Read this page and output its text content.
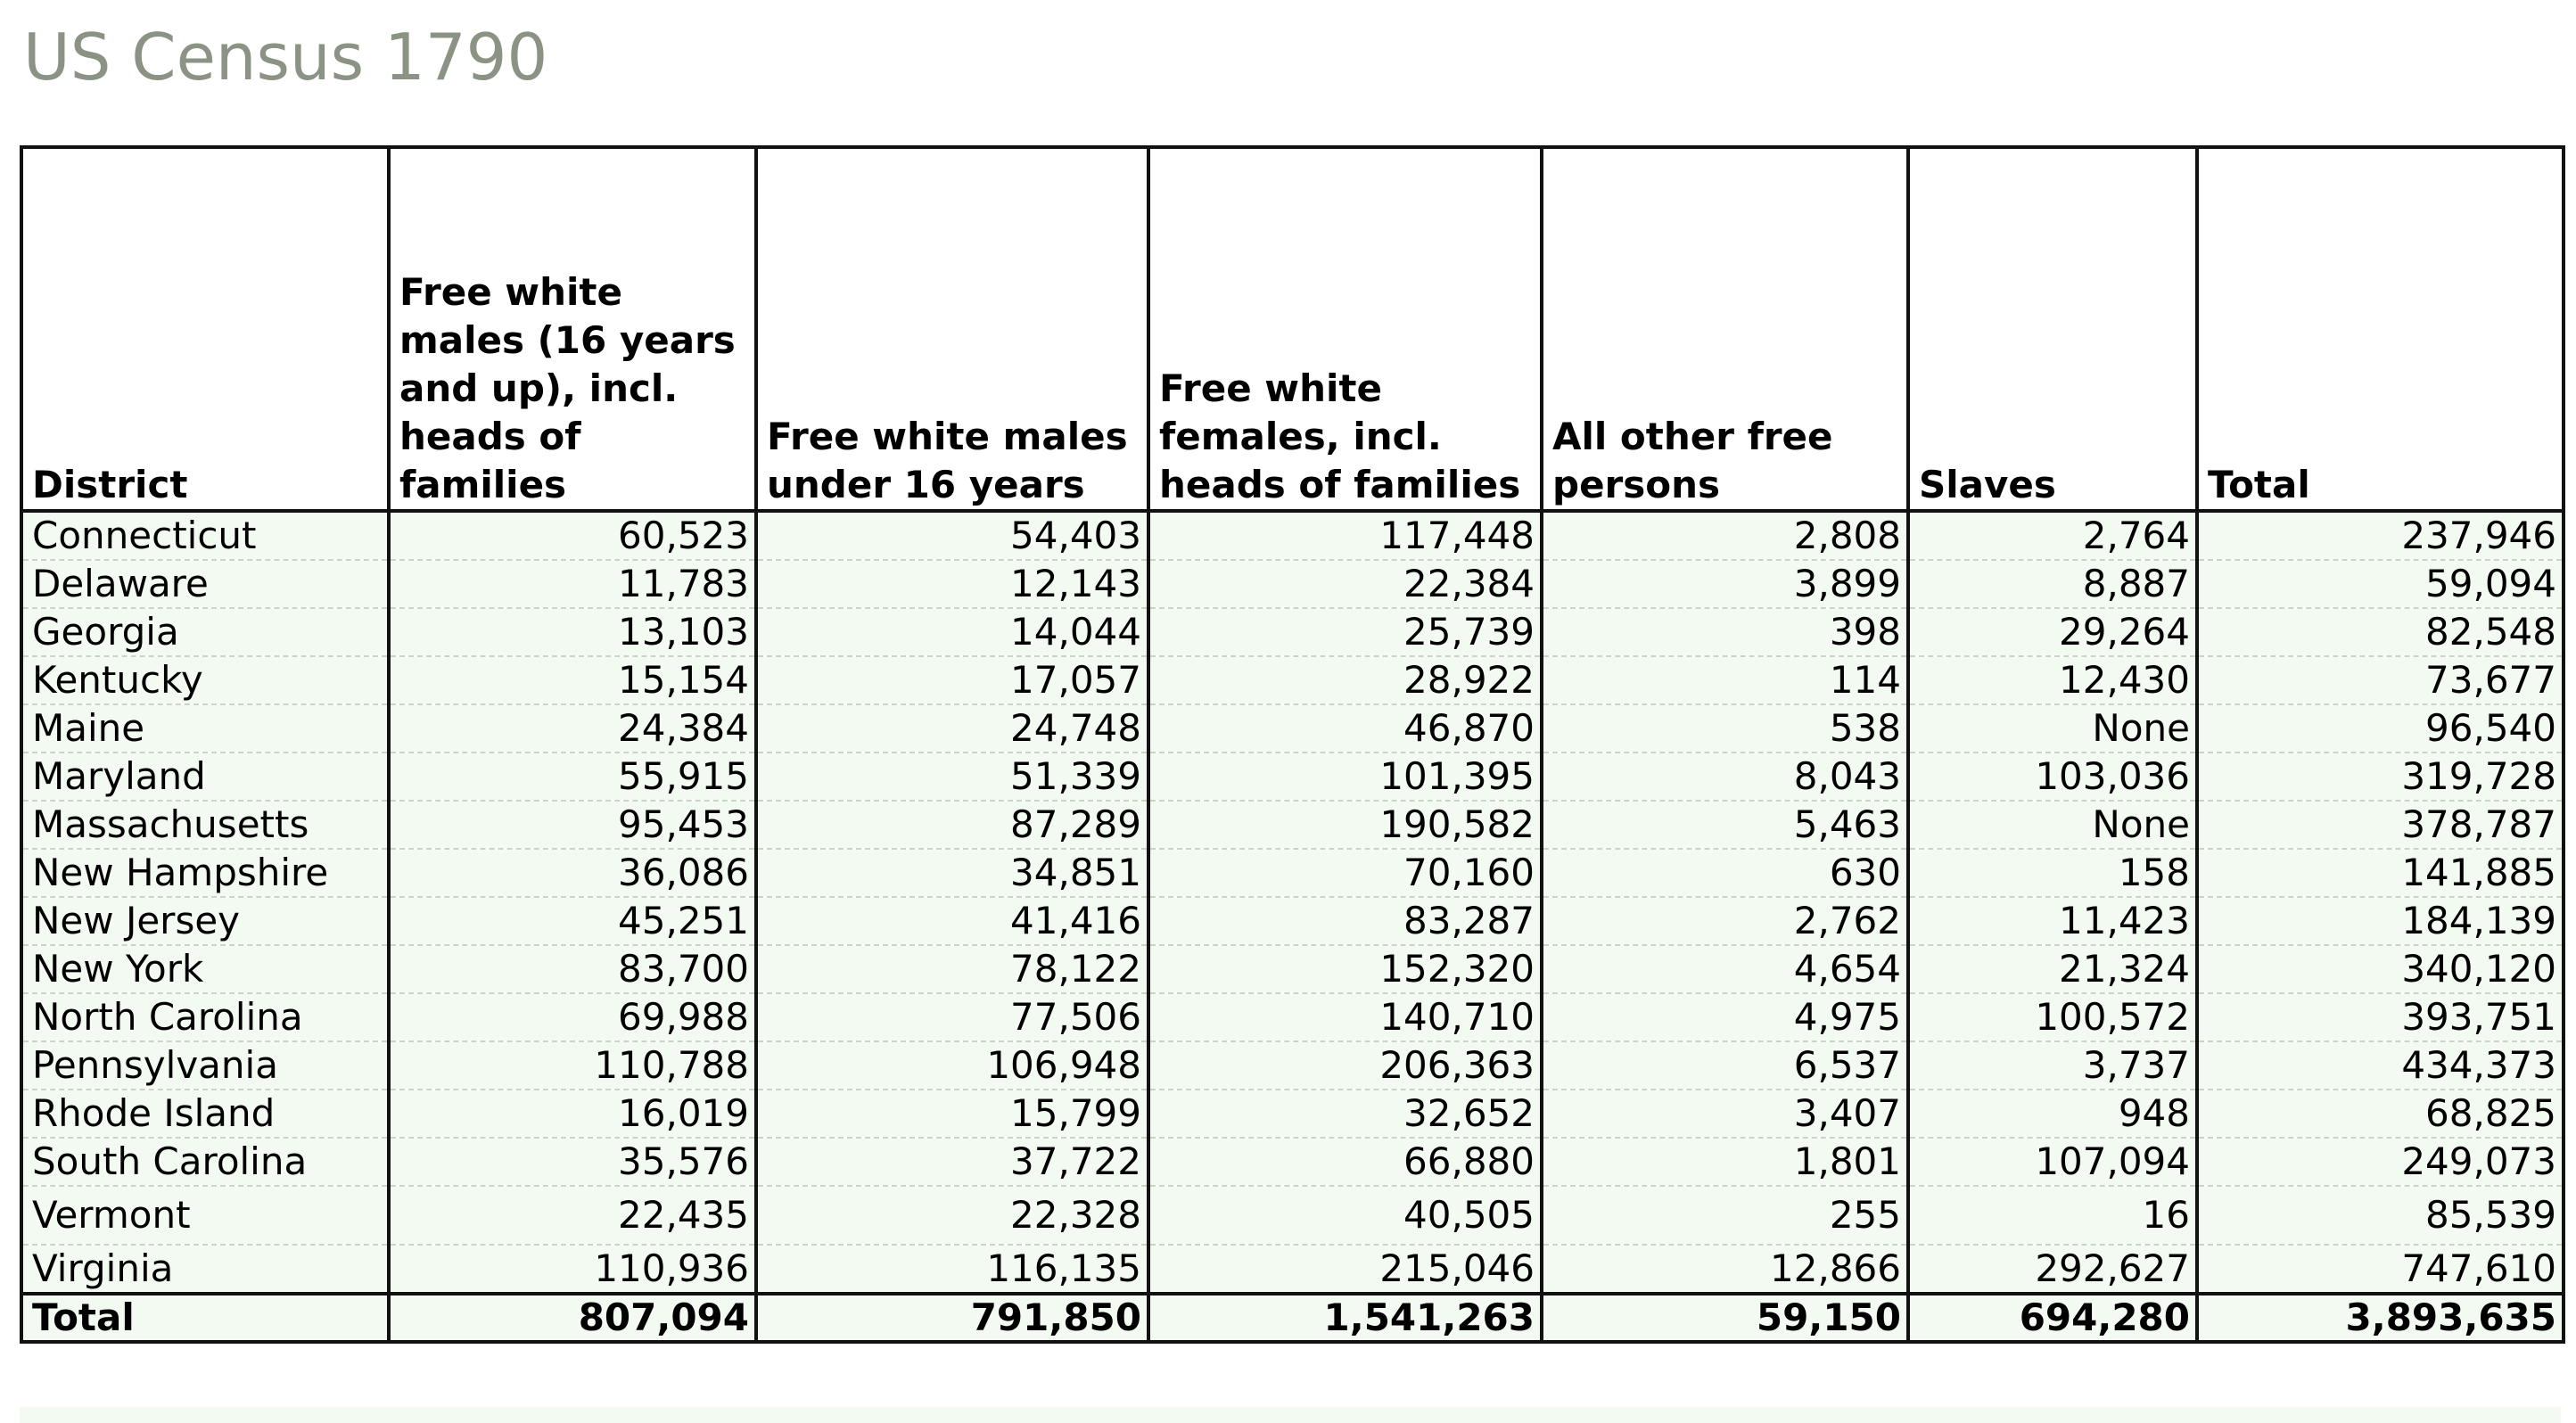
US Census 1790
District	Free white males (16 years and up), incl. heads of families	Free white males under 16 years	Free white females, incl. heads of families	All other free persons	Slaves	Total
Connecticut	60,523	54,403	117,448	2,808	2,764	237,946
Delaware	11,783	12,143	22,384	3,899	8,887	59,094
Georgia	13,103	14,044	25,739	398	29,264	82,548
Kentucky	15,154	17,057	28,922	114	12,430	73,677
Maine	24,384	24,748	46,870	538	None	96,540
Maryland	55,915	51,339	101,395	8,043	103,036	319,728
Massachusetts	95,453	87,289	190,582	5,463	None	378,787
New Hampshire	36,086	34,851	70,160	630	158	141,885
New Jersey	45,251	41,416	83,287	2,762	11,423	184,139
New York	83,700	78,122	152,320	4,654	21,324	340,120
North Carolina	69,988	77,506	140,710	4,975	100,572	393,751
Pennsylvania	110,788	106,948	206,363	6,537	3,737	434,373
Rhode Island	16,019	15,799	32,652	3,407	948	68,825
South Carolina	35,576	37,722	66,880	1,801	107,094	249,073
Vermont	22,435	22,328	40,505	255	16	85,539
Virginia	110,936	116,135	215,046	12,866	292,627	747,610
Total	807,094	791,850	1,541,263	59,150	694,280	3,893,635
